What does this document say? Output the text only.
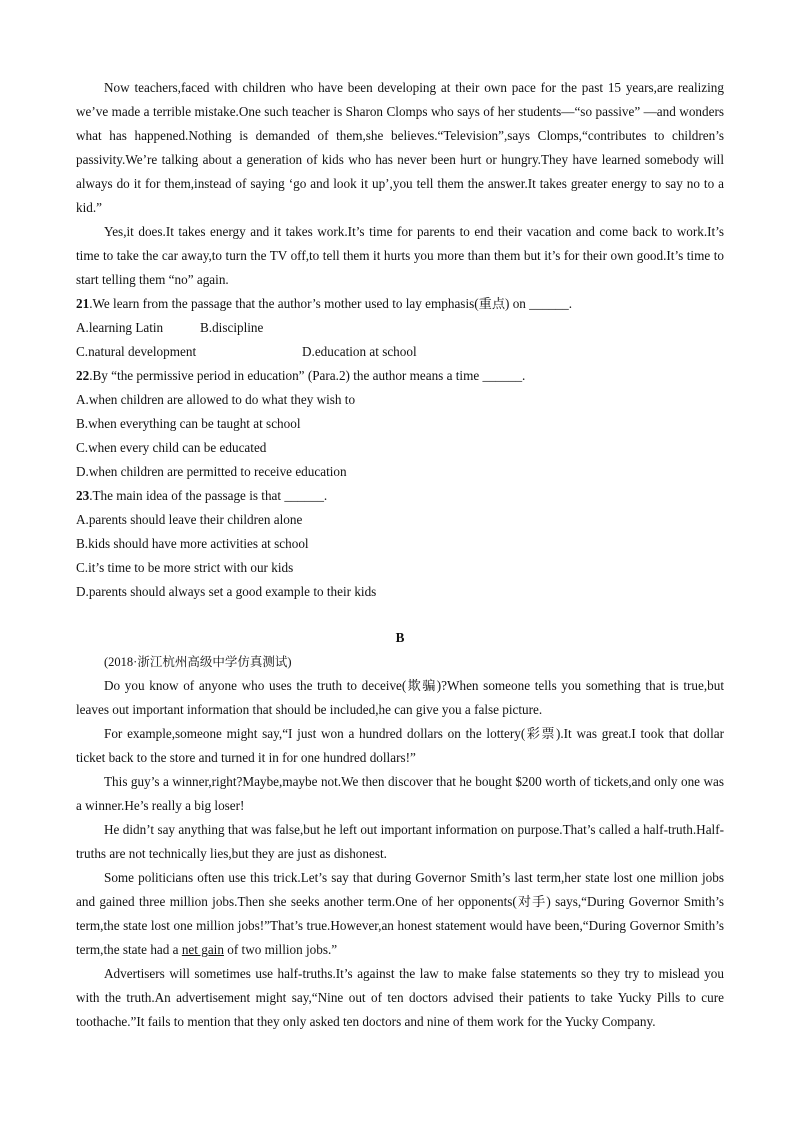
Now teachers,faced with children who have been developing at their own pace for the past 15 years,are realizing we’ve made a terrible mistake.One such teacher is Sharon Clomps who says of her students—“so passive” —and wonders what has happened.Nothing is demanded of them,she believes.“Television”,says Clomps,“contributes to children’s passivity.We’re talking about a generation of kids who has never been hurt or hungry.They have learned somebody will always do it for them,instead of saying ‘go and look it up’,you tell them the answer.It takes greater energy to say no to a kid.”

Yes,it does.It takes energy and it takes work.It’s time for parents to end their vacation and come back to work.It’s time to take the car away,to turn the TV off,to tell them it hurts you more than them but it’s for their own good.It’s time to start telling them “no” again.

21.We learn from the passage that the author’s mother used to lay emphasis(重点) on ______.

A.learning Latin	B.discipline
C.natural development	D.education at school

22.By “the permissive period in education” (Para.2) the author means a time ______.

A.when children are allowed to do what they wish to

B.when everything can be taught at school

C.when every child can be educated

D.when children are permitted to receive education

23.The main idea of the passage is that ______.

A.parents should leave their children alone

B.kids should have more activities at school

C.it’s time to be more strict with our kids

D.parents should always set a good example to their kids

B

(2018·浙江杭州高级中学仿真测试)

Do you know of anyone who uses the truth to deceive(欺骗)?When someone tells you something that is true,but leaves out important information that should be included,he can give you a false picture.

For example,someone might say,“I just won a hundred dollars on the lottery(彩票).It was great.I took that dollar ticket back to the store and turned it in for one hundred dollars!”

This guy’s a winner,right?Maybe,maybe not.We then discover that he bought $200 worth of tickets,and only one was a winner.He’s really a big loser!

He didn’t say anything that was false,but he left out important information on purpose.That’s called a half-truth.Half-truths are not technically lies,but they are just as dishonest.

Some politicians often use this trick.Let’s say that during Governor Smith’s last term,her state lost one million jobs and gained three million jobs.Then she seeks another term.One of her opponents(对手) says,“During Governor Smith’s term,the state lost one million jobs!”That’s true.However,an honest statement would have been,“During Governor Smith’s term,the state had a net gain of two million jobs.”

Advertisers will sometimes use half-truths.It’s against the law to make false statements so they try to mislead you with the truth.An advertisement might say,“Nine out of ten doctors advised their patients to take Yucky Pills to cure toothache.”It fails to mention that they only asked ten doctors and nine of them work for the Yucky Company.
